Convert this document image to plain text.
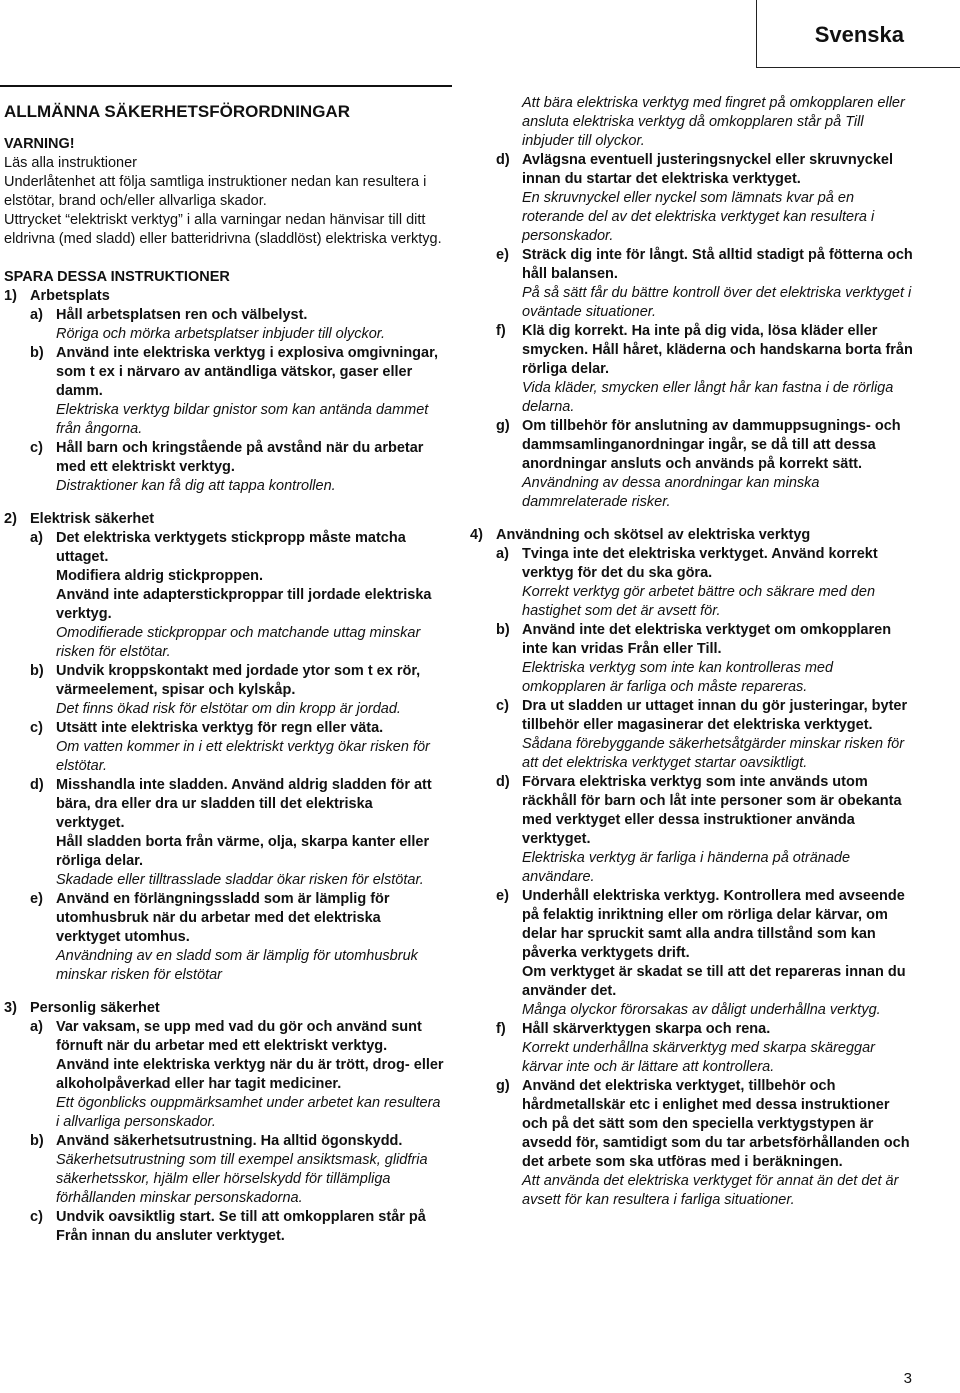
Svenska
ALLMÄNNA SÄKERHETSFÖRORDNINGAR
VARNING!
Läs alla instruktioner
Underlåtenhet att följa samtliga instruktioner nedan kan resultera i elstötar, brand och/eller allvarliga skador.
Uttrycket “elektriskt verktyg” i alla varningar nedan hänvisar till ditt eldrivna (med sladd) eller batteridrivna (sladdlöst) elektriska verktyg.
SPARA DESSA INSTRUKTIONER
1) Arbetsplats
a) Håll arbetsplatsen ren och välbelyst.
Röriga och mörka arbetsplatser inbjuder till olyckor.
b) Använd inte elektriska verktyg i explosiva omgivningar, som t ex i närvaro av antändliga vätskor, gaser eller damm.
Elektriska verktyg bildar gnistor som kan antända dammet från ångorna.
c) Håll barn och kringstående på avstånd när du arbetar med ett elektriskt verktyg.
Distraktioner kan få dig att tappa kontrollen.
2) Elektrisk säkerhet
a) Det elektriska verktygets stickpropp måste matcha uttaget.
Modifiera aldrig stickproppen.
Använd inte adapterstickproppar till jordade elektriska verktyg.
Omodifierade stickproppar och matchande uttag minskar risken för elstötar.
b) Undvik kroppskontakt med jordade ytor som t ex rör, värmeelement, spisar och kylskåp.
Det finns ökad risk för elstötar om din kropp är jordad.
c) Utsätt inte elektriska verktyg för regn eller väta.
Om vatten kommer in i ett elektriskt verktyg ökar risken för elstötar.
d) Misshandla inte sladden. Använd aldrig sladden för att bära, dra eller dra ur sladden till det elektriska verktyget.
Håll sladden borta från värme, olja, skarpa kanter eller rörliga delar.
Skadade eller tilltrasslade sladdar ökar risken för elstötar.
e) Använd en förlängningssladd som är lämplig för utomhusbruk när du arbetar med det elektriska verktyget utomhus.
Användning av en sladd som är lämplig för utomhusbruk minskar risken för elstötar
3) Personlig säkerhet
a) Var vaksam, se upp med vad du gör och använd sunt förnuft när du arbetar med ett elektriskt verktyg.
Använd inte elektriska verktyg när du är trött, drog- eller alkoholpåverkad eller har tagit mediciner.
Ett ögonblicks ouppmärksamhet under arbetet kan resultera i allvarliga personskador.
b) Använd säkerhetsutrustning. Ha alltid ögonskydd.
Säkerhetsutrustning som till exempel ansiktsmask, glidfria säkerhetsskor, hjälm eller hörselskydd för tillämpliga förhållanden minskar personskadorna.
c) Undvik oavsiktlig start. Se till att omkopplaren står på Från innan du ansluter verktyget.
Att bära elektriska verktyg med fingret på omkopplaren eller ansluta elektriska verktyg då omkopplaren står på Till inbjuder till olyckor.
d) Avlägsna eventuell justeringsnyckel eller skruvnyckel innan du startar det elektriska verktyget.
En skruvnyckel eller nyckel som lämnats kvar på en roterande del av det elektriska verktyget kan resultera i personskador.
e) Sträck dig inte för långt. Stå alltid stadigt på fötterna och håll balansen.
På så sätt får du bättre kontroll över det elektriska verktyget i oväntade situationer.
f)	Klä dig korrekt. Ha inte på dig vida, lösa kläder eller smycken. Håll håret, kläderna och handskarna borta från rörliga delar.
Vida kläder, smycken eller långt hår kan fastna i de rörliga delarna.
g) Om tillbehör för anslutning av dammuppsugnings- och dammsamlinganordningar ingår, se då till att dessa anordningar ansluts och används på korrekt sätt.
Användning av dessa anordningar kan minska dammrelaterade risker.
4) Användning och skötsel av elektriska verktyg
a) Tvinga inte det elektriska verktyget. Använd korrekt verktyg för det du ska göra.
Korrekt verktyg gör arbetet bättre och säkrare med den hastighet som det är avsett för.
b) Använd inte det elektriska verktyget om omkopplaren inte kan vridas Från eller Till.
Elektriska verktyg som inte kan kontrolleras med omkopplaren är farliga och måste repareras.
c) Dra ut sladden ur uttaget innan du gör justeringar, byter tillbehör eller magasinerar det elektriska verktyget.
Sådana förebyggande säkerhetsåtgärder minskar risken för att det elektriska verktyget startar oavsiktligt.
d) Förvara elektriska verktyg som inte används utom räckhåll för barn och låt inte personer som är obekanta med verktyget eller dessa instruktioner använda verktyget.
Elektriska verktyg är farliga i händerna på otränade användare.
e) Underhåll elektriska verktyg. Kontrollera med avseende på felaktig inriktning eller om rörliga delar kärvar, om delar har spruckit samt alla andra tillstånd som kan påverka verktygets drift.
Om verktyget är skadat se till att det repareras innan du använder det.
Många olyckor förorsakas av dåligt underhållna verktyg.
f)	Håll skärverktygen skarpa och rena.
Korrekt underhållna skärverktyg med skarpa skäreggar kärvar inte och är lättare att kontrollera.
g) Använd det elektriska verktyget, tillbehör och hårdmetallskär etc i enlighet med dessa instruktioner och på det sätt som den speciella verktygstypen är avsedd för, samtidigt som du tar arbetsförhållanden och det arbete som ska utföras med i beräkningen.
Att använda det elektriska verktyget för annat än det det är avsett för kan resultera i farliga situationer.
3
